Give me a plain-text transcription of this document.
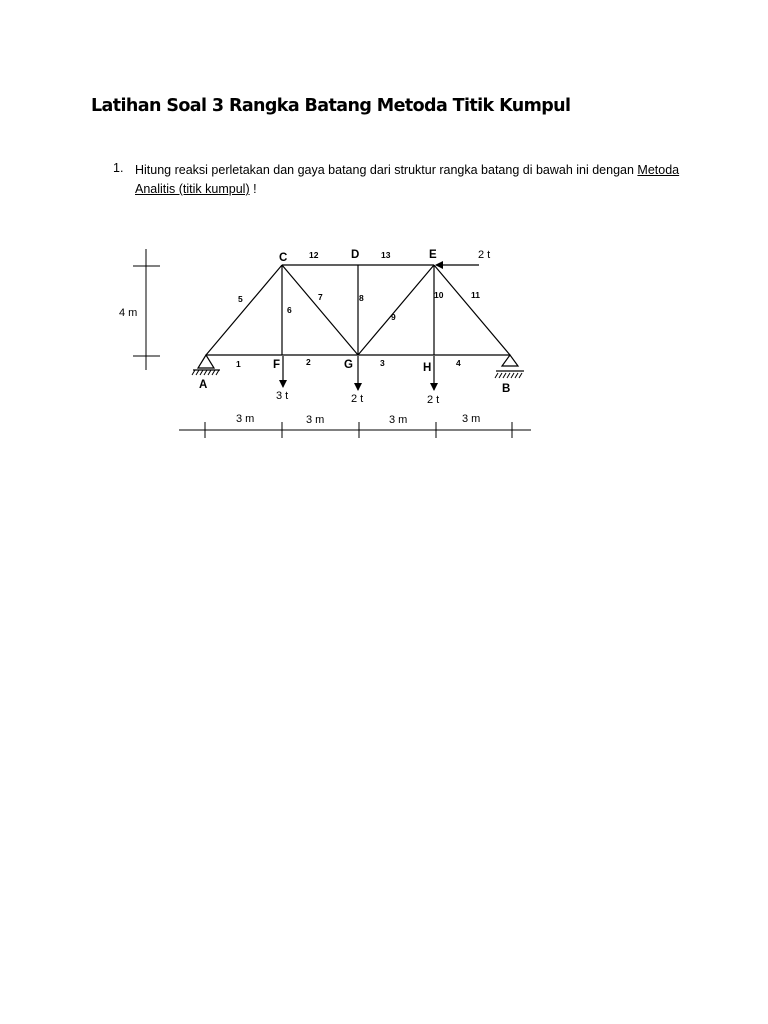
Latihan Soal 3 Rangka Batang Metoda Titik Kumpul
1. Hitung reaksi perletakan dan gaya batang dari struktur rangka batang di bawah ini dengan Metoda Analitis (titik kumpul) !
4 m
C	D	E
F	G	H
A	B
1	2	3	4
5
6
7	8
9
10	11
12	13
3 t	2 t	2 t
2 t
3 m	3 m	3 m	3 m
